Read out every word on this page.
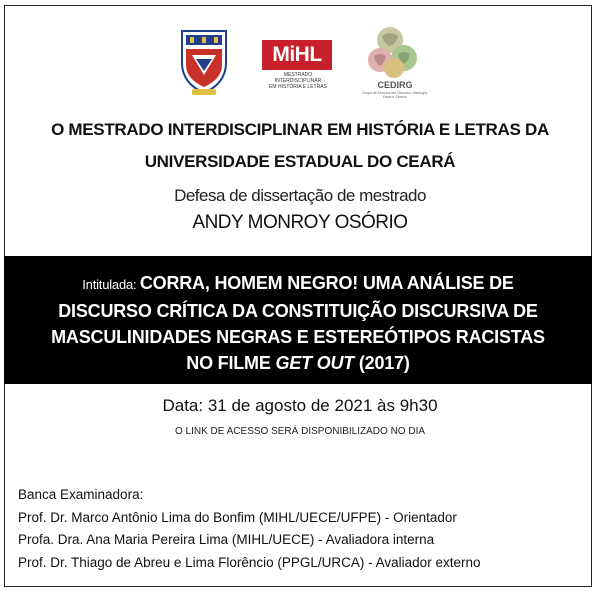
MiHL
MESTRADO INTERDISCIPLINAR
EM HISTÓRIA E LETRAS	CEDIRG
Grupo de Estudos em Discurso, Ideologia, Raça e Gênero
O MESTRADO INTERDISCIPLINAR EM HISTÓRIA E LETRAS DA
UNIVERSIDADE ESTADUAL DO CEARÁ
Defesa de dissertação de mestrado
ANDY MONROY OSÓRIO
Intitulada: CORRA, HOMEM NEGRO! UMA ANÁLISE DE
DISCURSO CRÍTICA DA CONSTITUIÇÃO DISCURSIVA DE
MASCULINIDADES NEGRAS E ESTEREÓTIPOS RACISTAS
NO FILME GET OUT (2017)
Data: 31 de agosto de 2021 às 9h30
O LINK DE ACESSO SERÁ DISPONIBILIZADO NO DIA
Banca Examinadora:
Prof. Dr. Marco Antônio Lima do Bonfim (MIHL/UECE/UFPE) - Orientador
Profa. Dra. Ana Maria Pereira Lima (MIHL/UECE) - Avaliadora interna
Prof. Dr. Thiago de Abreu e Lima Florêncio (PPGL/URCA) - Avaliador externo
